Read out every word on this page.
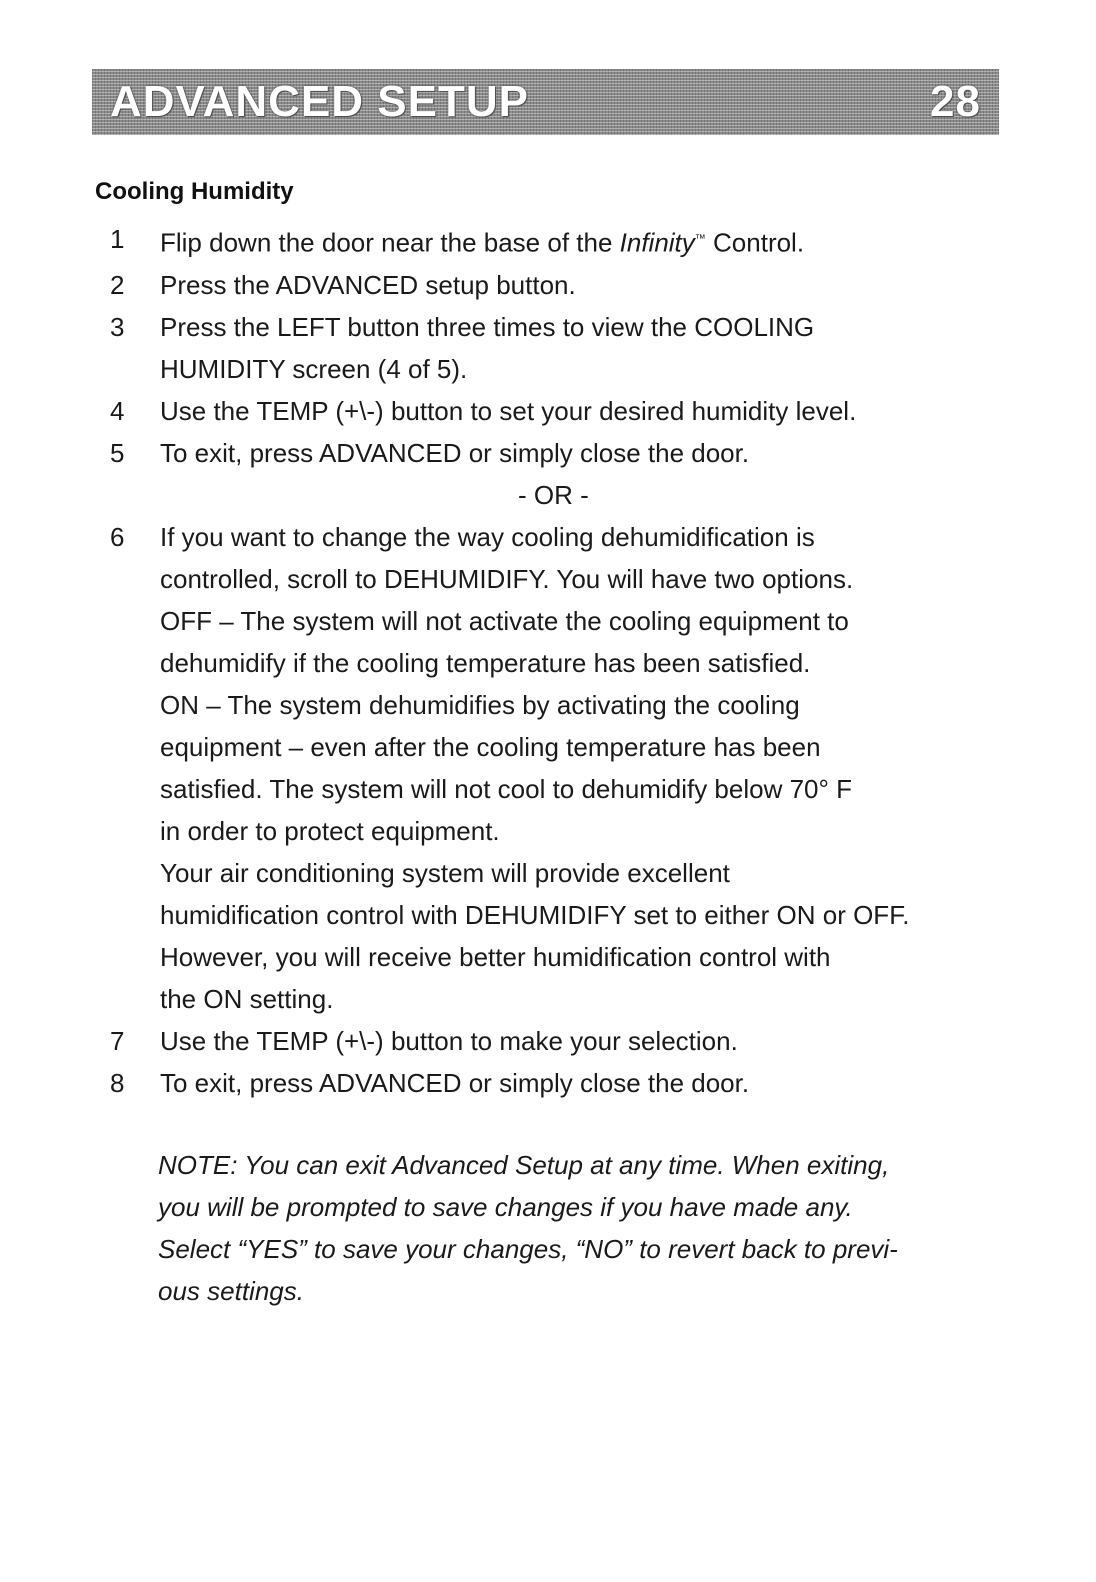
ADVANCED SETUP	28
Cooling Humidity
1	Flip down the door near the base of the Infinity™ Control.
2	Press the ADVANCED setup button.
3	Press the LEFT button three times to view the COOLING

HUMIDITY screen (4 of 5).

4	Use the TEMP (+\-) button to set your desired humidity level.
5	To exit, press ADVANCED or simply close the door.
- OR -
6	If you want to change the way cooling dehumidification is

controlled, scroll to DEHUMIDIFY. You will have two options.

OFF – The system will not activate the cooling equipment to

dehumidify if the cooling temperature has been satisfied.

ON – The system dehumidifies by activating the cooling

equipment – even after the cooling temperature has been

satisfied. The system will not cool to dehumidify below 70° F

in order to protect equipment.

Your air conditioning system will provide excellent

humidification control with DEHUMIDIFY set to either ON or OFF.

However, you will receive better humidification control with

the ON setting.

7	Use the TEMP (+\-) button to make your selection.
8	To exit, press ADVANCED or simply close the door.
NOTE: You can exit Advanced Setup at any time. When exiting,
you will be prompted to save changes if you have made any.
Select “YES” to save your changes, “NO” to revert back to previ-
ous settings.
